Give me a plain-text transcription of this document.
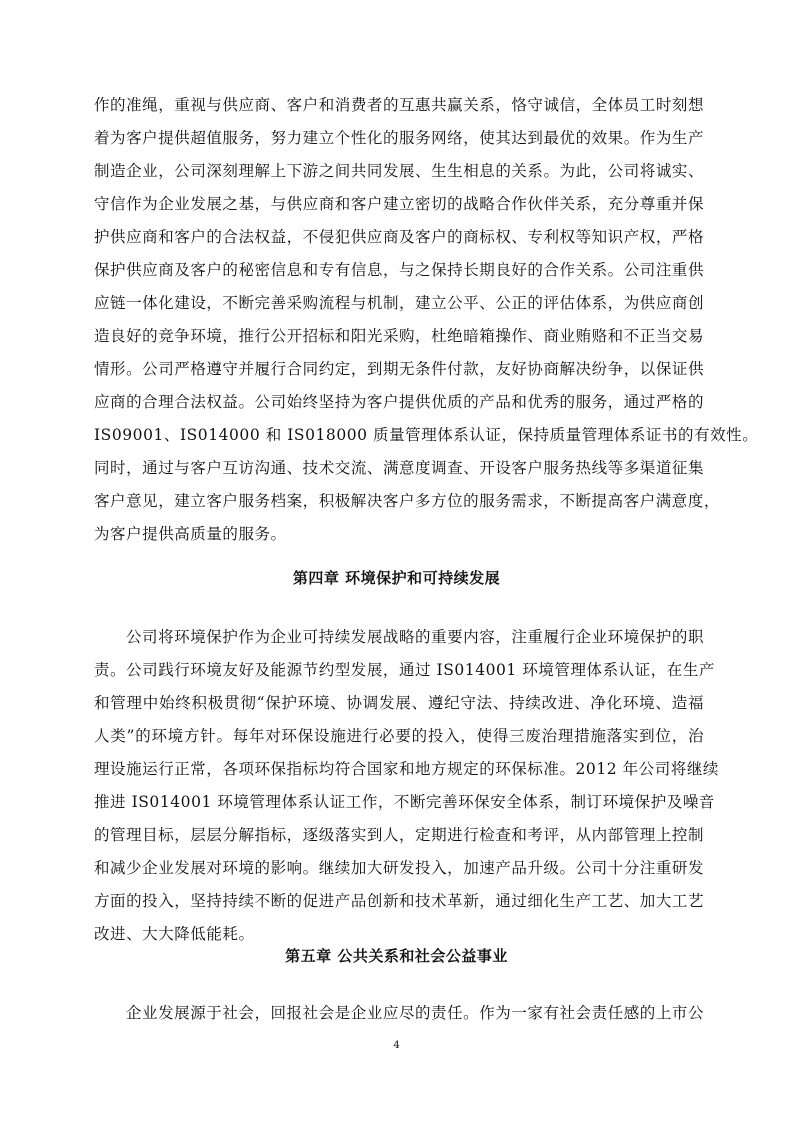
作的准绳，重视与供应商、客户和消费者的互惠共赢关系，恪守诚信，全体员工时刻想
着为客户提供超值服务，努力建立个性化的服务网络，使其达到最优的效果。作为生产
制造企业，公司深刻理解上下游之间共同发展、生生相息的关系。为此，公司将诚实、
守信作为企业发展之基，与供应商和客户建立密切的战略合作伙伴关系，充分尊重并保
护供应商和客户的合法权益，不侵犯供应商及客户的商标权、专利权等知识产权，严格
保护供应商及客户的秘密信息和专有信息，与之保持长期良好的合作关系。公司注重供
应链一体化建设，不断完善采购流程与机制，建立公平、公正的评估体系，为供应商创
造良好的竞争环境，推行公开招标和阳光采购，杜绝暗箱操作、商业贿赂和不正当交易
情形。公司严格遵守并履行合同约定，到期无条件付款，友好协商解决纷争，以保证供
应商的合理合法权益。公司始终坚持为客户提供优质的产品和优秀的服务，通过严格的
IS09001、IS014000 和 IS018000 质量管理体系认证，保持质量管理体系证书的有效性。
同时，通过与客户互访沟通、技术交流、满意度调查、开设客户服务热线等多渠道征集
客户意见，建立客户服务档案，积极解决客户多方位的服务需求，不断提高客户满意度，
为客户提供高质量的服务。
第四章 环境保护和可持续发展
公司将环境保护作为企业可持续发展战略的重要内容，注重履行企业环境保护的职
责。公司践行环境友好及能源节约型发展，通过 IS014001 环境管理体系认证，在生产
和管理中始终积极贯彻“保护环境、协调发展、遵纪守法、持续改进、净化环境、造福
人类”的环境方针。每年对环保设施进行必要的投入，使得三废治理措施落实到位，治
理设施运行正常，各项环保指标均符合国家和地方规定的环保标准。2012 年公司将继续
推进 IS014001 环境管理体系认证工作，不断完善环保安全体系，制订环境保护及噪音
的管理目标，层层分解指标，逐级落实到人，定期进行检查和考评，从内部管理上控制
和减少企业发展对环境的影响。继续加大研发投入，加速产品升级。公司十分注重研发
方面的投入，坚持持续不断的促进产品创新和技术革新，通过细化生产工艺、加大工艺
改进、大大降低能耗。
第五章 公共关系和社会公益事业
企业发展源于社会，回报社会是企业应尽的责任。作为一家有社会责任感的上市公
4
